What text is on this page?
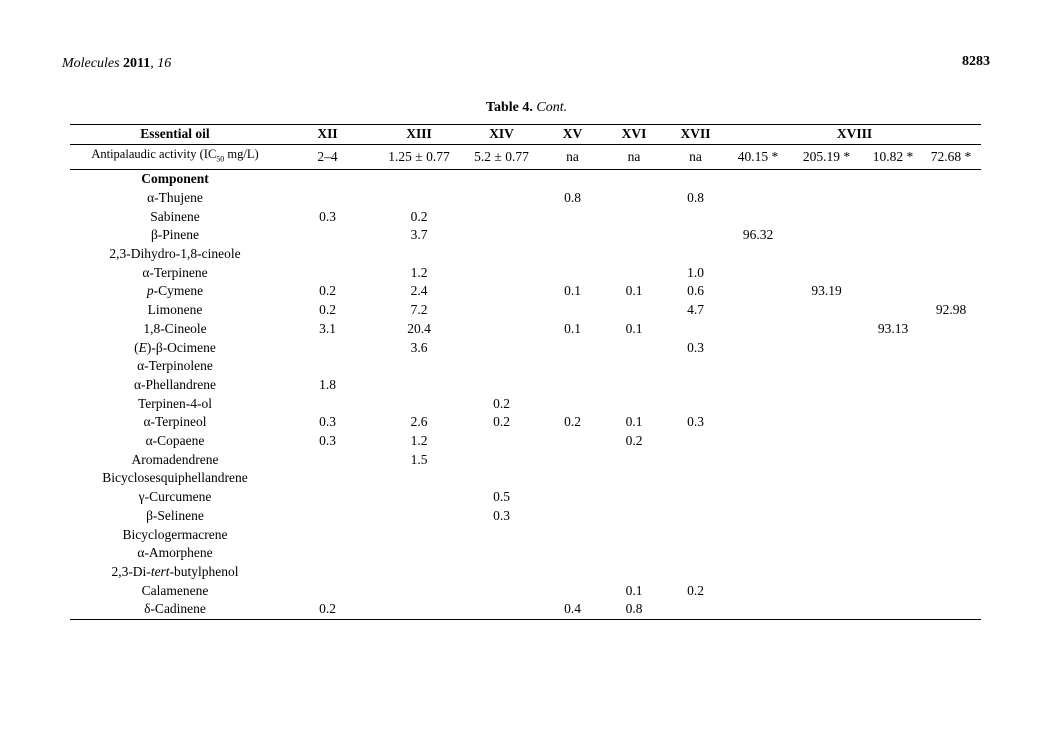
Molecules 2011, 16	8283
Table 4. Cont.
Essential oil	XII	XIII	XIV	XV	XVI	XVII	XVIII			
Antipalaudic activity ($IC_{50}$ mg/L)	2–4	1.25 ± 0.77	5.2 ± 0.77	na	na	na	40.15 *	205.19 *	10.82 *	72.68 *
Component										
α-Thujene				0.8		0.8				
Sabinene	0.3	0.2								
β-Pinene		3.7					96.32			
2,3-Dihydro-1,8-cineole										
α-Terpinene		1.2				1.0				
p-Cymene	0.2	2.4		0.1	0.1	0.6		93.19		
Limonene	0.2	7.2				4.7				92.98
1,8-Cineole	3.1	20.4		0.1	0.1				93.13	
(E)-β-Ocimene		3.6				0.3				
α-Terpinolene										
α-Phellandrene	1.8									
Terpinen-4-ol			0.2							
α-Terpineol	0.3	2.6	0.2	0.2	0.1	0.3				
α-Copaene	0.3	1.2			0.2					
Aromadendrene		1.5								
Bicyclosesquiphellandrene										
γ-Curcumene			0.5							
β-Selinene			0.3							
Bicyclogermacrene										
α-Amorphene										
2,3-Di-tert-butylphenol										
Calamenene					0.1	0.2				
δ-Cadinene	0.2			0.4	0.8					
